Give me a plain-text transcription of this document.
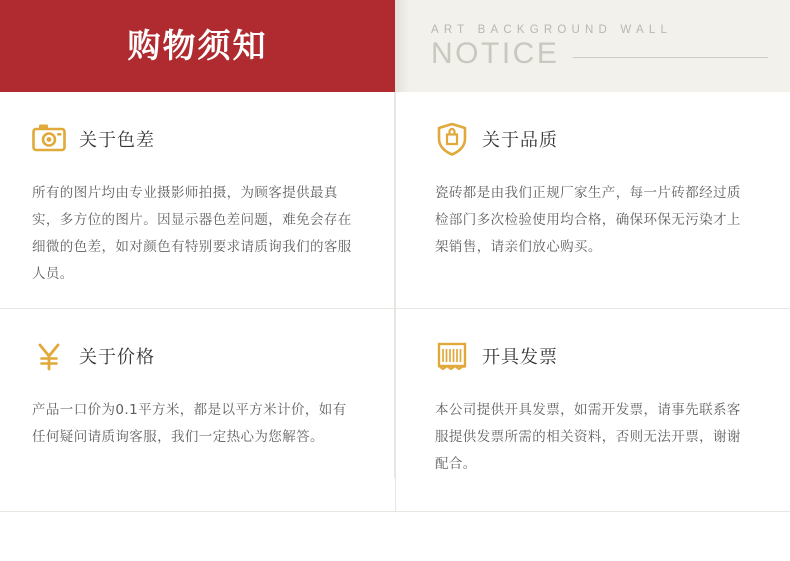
购物须知	ART BACKGROUND WALL
NOTICE
关于色差
所有的图片均由专业摄影师拍摄，为顾客提供最真实，多方位的图片。因显示器色差问题，难免会存在细微的色差，如对颜色有特别要求请质询我们的客服人员。
关于品质
瓷砖都是由我们正规厂家生产，每一片砖都经过质检部门多次检验使用均合格，确保环保无污染才上架销售，请亲们放心购买。
关于价格
产品一口价为0.1平方米，都是以平方米计价，如有任何疑问请质询客服，我们一定热心为您解答。
开具发票
本公司提供开具发票，如需开发票，请事先联系客服提供发票所需的相关资料，否则无法开票，谢谢配合。
